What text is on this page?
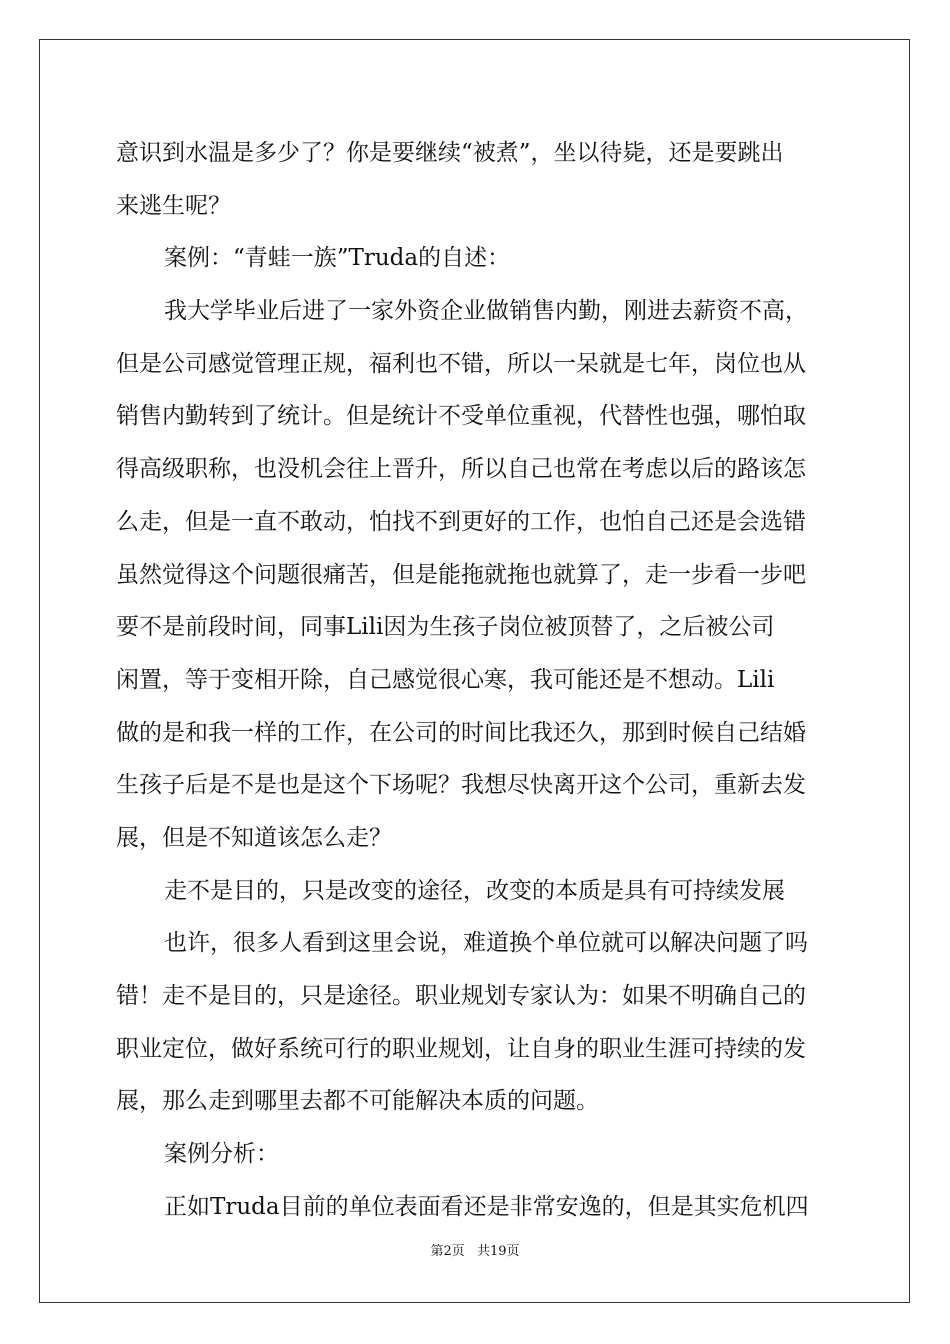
意识到水温是多少了？你是要继续“被煮”，坐以待毙，还是要跳出
来逃生呢？
案例：“青蛙一族”Truda的自述：
我大学毕业后进了一家外资企业做销售内勤，刚进去薪资不高，
但是公司感觉管理正规，福利也不错，所以一呆就是七年，岗位也从
销售内勤转到了统计。但是统计不受单位重视，代替性也强，哪怕取
得高级职称，也没机会往上晋升，所以自己也常在考虑以后的路该怎
么走，但是一直不敢动，怕找不到更好的工作，也怕自己还是会选错
虽然觉得这个问题很痛苦，但是能拖就拖也就算了，走一步看一步吧
要不是前段时间，同事Lili因为生孩子岗位被顶替了，之后被公司
闲置，等于变相开除，自己感觉很心寒，我可能还是不想动。Lili
做的是和我一样的工作，在公司的时间比我还久，那到时候自己结婚
生孩子后是不是也是这个下场呢？我想尽快离开这个公司，重新去发
展，但是不知道该怎么走？
走不是目的，只是改变的途径，改变的本质是具有可持续发展
也许，很多人看到这里会说，难道换个单位就可以解决问题了吗
错！走不是目的，只是途径。职业规划专家认为：如果不明确自己的
职业定位，做好系统可行的职业规划，让自身的职业生涯可持续的发
展，那么走到哪里去都不可能解决本质的问题。
案例分析：
正如Truda目前的单位表面看还是非常安逸的，但是其实危机四
第2页 共19页
